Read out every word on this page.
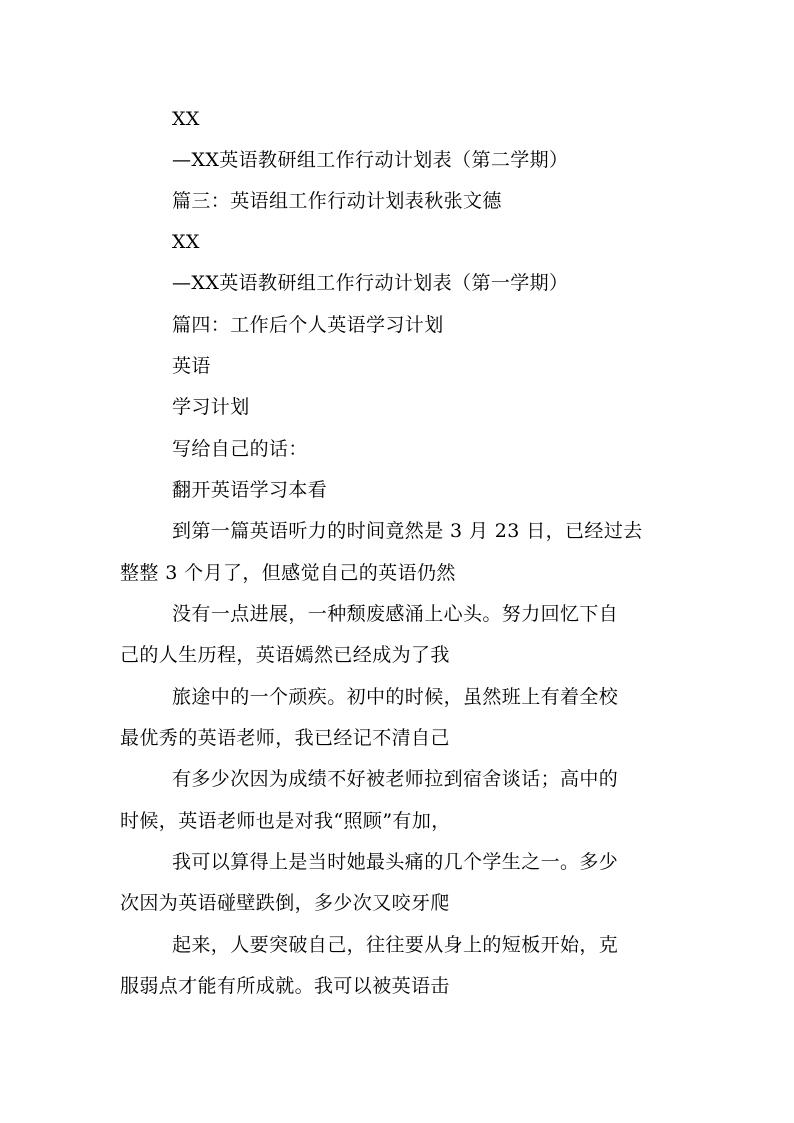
XX
—XX英语教研组工作行动计划表（第二学期）
篇三：英语组工作行动计划表秋张文德
XX
—XX英语教研组工作行动计划表（第一学期）
篇四：工作后个人英语学习计划
英语
学习计划
写给自己的话：
翻开英语学习本看
到第一篇英语听力的时间竟然是 3 月 23 日，已经过去
整整 3 个月了，但感觉自己的英语仍然
没有一点进展，一种颓废感涌上心头。努力回忆下自
己的人生历程，英语嫣然已经成为了我
旅途中的一个顽疾。初中的时候，虽然班上有着全校
最优秀的英语老师，我已经记不清自己
有多少次因为成绩不好被老师拉到宿舍谈话；高中的
时候，英语老师也是对我“照顾”有加，
我可以算得上是当时她最头痛的几个学生之一。多少
次因为英语碰壁跌倒，多少次又咬牙爬
起来，人要突破自己，往往要从身上的短板开始，克
服弱点才能有所成就。我可以被英语击
